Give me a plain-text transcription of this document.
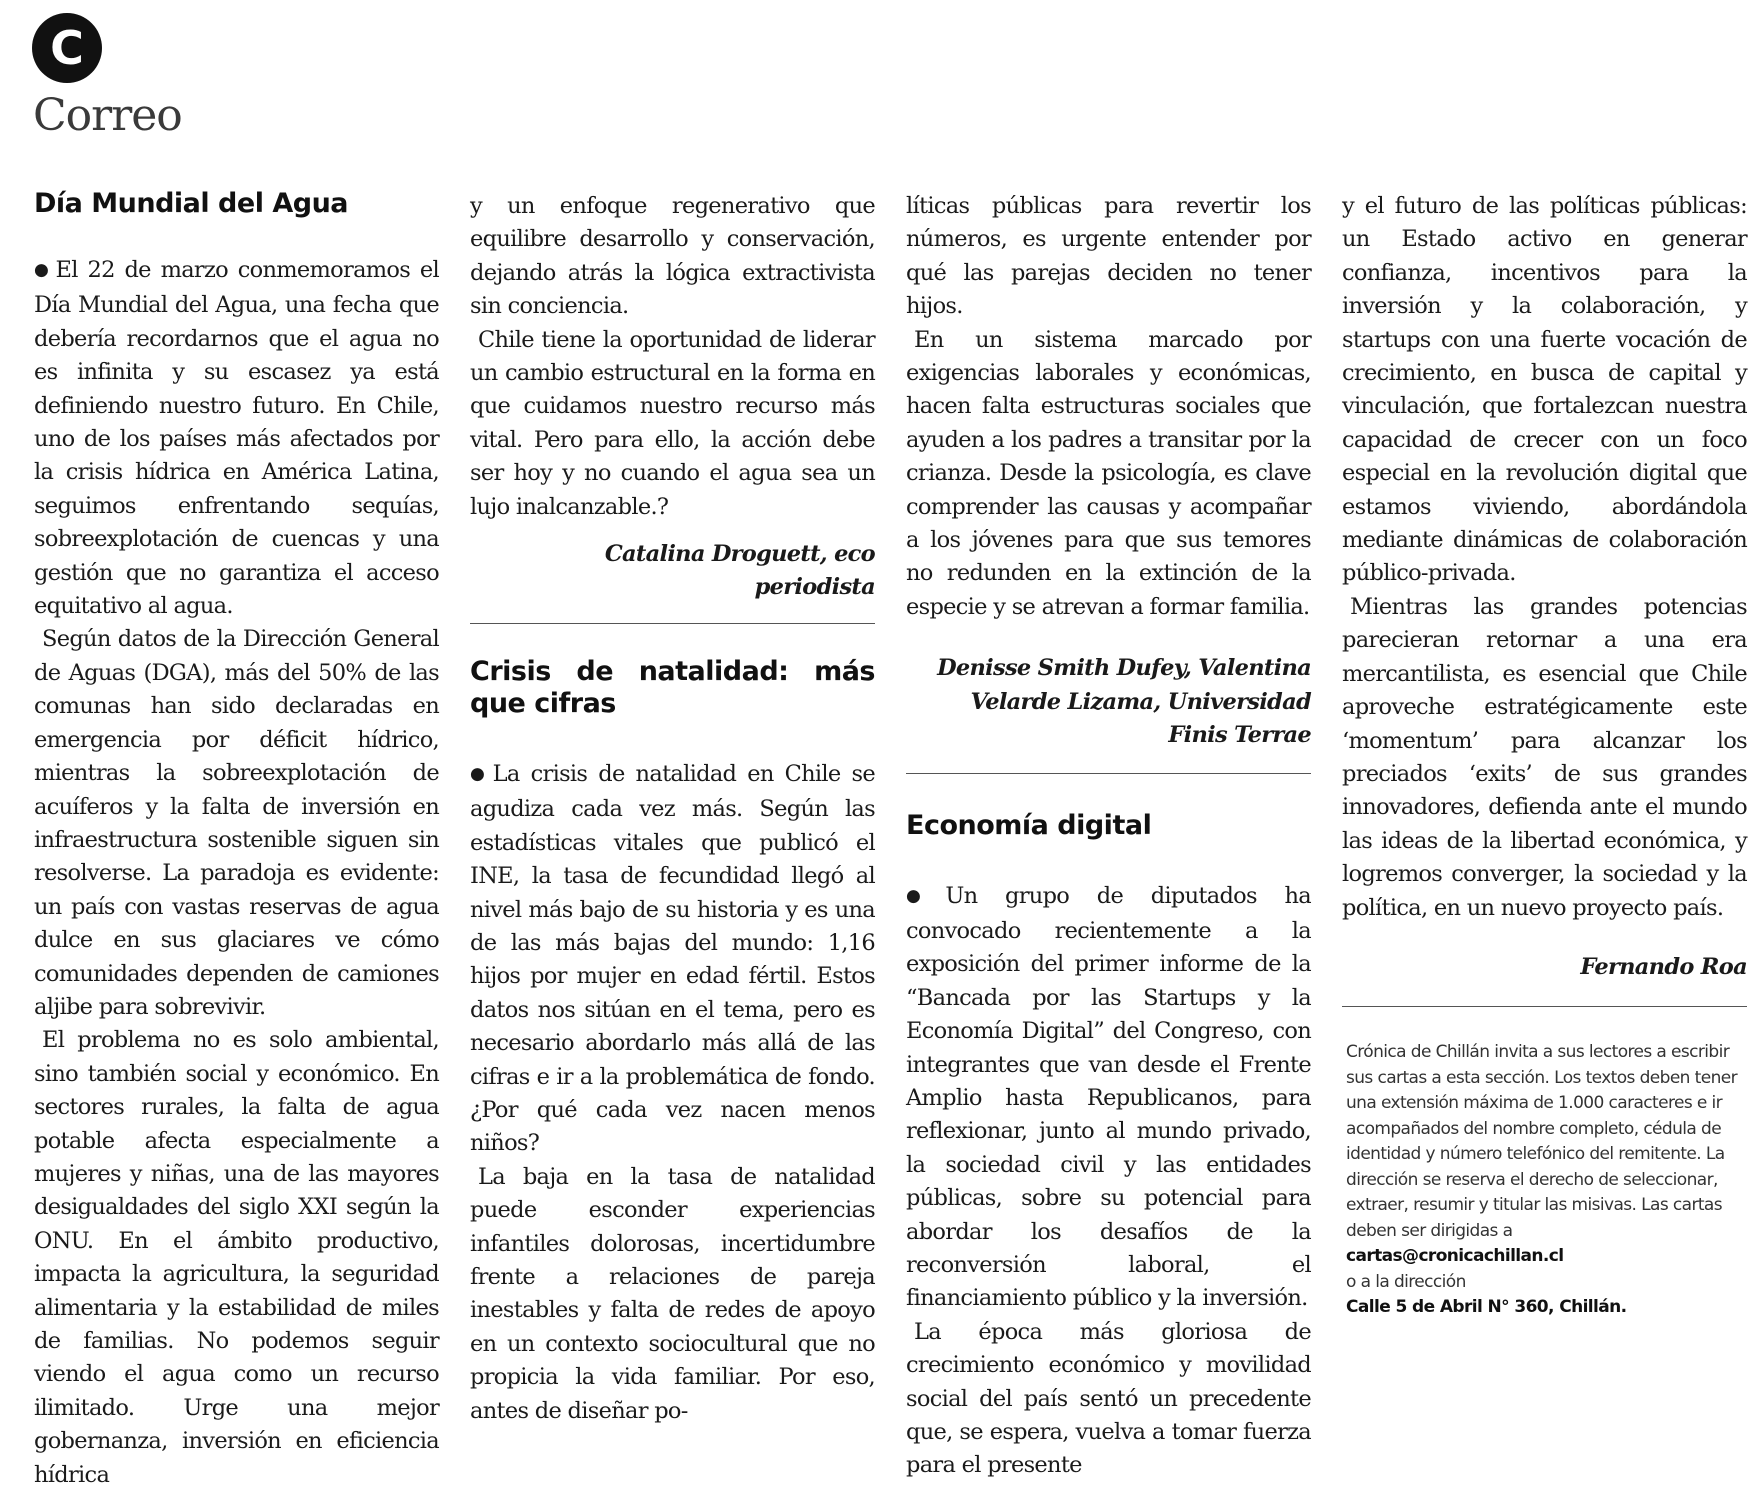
C
Correo
Día Mundial del Agua

● El 22 de marzo conmemoramos el Día Mundial del Agua, una fecha que debería recordarnos que el agua no es infinita y su escasez ya está definiendo nuestro futuro. En Chile, uno de los países más afectados por la crisis hídrica en América Latina, seguimos enfrentando sequías, sobreexplotación de cuencas y una gestión que no garantiza el acceso equitativo al agua.

Según datos de la Dirección General de Aguas (DGA), más del 50% de las comunas han sido declaradas en emergencia por déficit hídrico, mientras la sobreexplotación de acuíferos y la falta de inversión en infraestructura sostenible siguen sin resolverse. La paradoja es evidente: un país con vastas reservas de agua dulce en sus glaciares ve cómo comunidades dependen de camiones aljibe para sobrevivir.

El problema no es solo ambiental, sino también social y económico. En sectores rurales, la falta de agua potable afecta especialmente a mujeres y niñas, una de las mayores desigualdades del siglo XXI según la ONU. En el ámbito productivo, impacta la agricultura, la seguridad alimentaria y la estabilidad de miles de familias. No podemos seguir viendo el agua como un recurso ilimitado. Urge una mejor gobernanza, inversión en eficiencia hídrica

y un enfoque regenerativo que equilibre desarrollo y conservación, dejando atrás la lógica extractivista sin conciencia.

Chile tiene la oportunidad de liderar un cambio estructural en la forma en que cuidamos nuestro recurso más vital. Pero para ello, la acción debe ser hoy y no cuando el agua sea un lujo inalcanzable.?

Catalina Droguett, eco periodista

Crisis de natalidad: más que cifras

● La crisis de natalidad en Chile se agudiza cada vez más. Según las estadísticas vitales que publicó el INE, la tasa de fecundidad llegó al nivel más bajo de su historia y es una de las más bajas del mundo: 1,16 hijos por mujer en edad fértil. Estos datos nos sitúan en el tema, pero es necesario abordarlo más allá de las cifras e ir a la problemática de fondo. ¿Por qué cada vez nacen menos niños?

La baja en la tasa de natalidad puede esconder experiencias infantiles dolorosas, incertidumbre frente a relaciones de pareja inestables y falta de redes de apoyo en un contexto sociocultural que no propicia la vida familiar. Por eso, antes de diseñar po-

líticas públicas para revertir los números, es urgente entender por qué las parejas deciden no tener hijos.

En un sistema marcado por exigencias laborales y económicas, hacen falta estructuras sociales que ayuden a los padres a transitar por la crianza. Desde la psicología, es clave comprender las causas y acompañar a los jóvenes para que sus temores no redunden en la extinción de la especie y se atrevan a formar familia.

Denisse Smith Dufey, Valentina Velarde Lizama, Universidad Finis Terrae

Economía digital

● Un grupo de diputados ha convocado recientemente a la exposición del primer informe de la “Bancada por las Startups y la Economía Digital” del Congreso, con integrantes que van desde el Frente Amplio hasta Republicanos, para reflexionar, junto al mundo privado, la sociedad civil y las entidades públicas, sobre su potencial para abordar los desafíos de la reconversión laboral, el financiamiento público y la inversión.

La época más gloriosa de crecimiento económico y movilidad social del país sentó un precedente que, se espera, vuelva a tomar fuerza para el presente

y el futuro de las políticas públicas: un Estado activo en generar confianza, incentivos para la inversión y la colaboración, y startups con una fuerte vocación de crecimiento, en busca de capital y vinculación, que fortalezcan nuestra capacidad de crecer con un foco especial en la revolución digital que estamos viviendo, abordándola mediante dinámicas de colaboración público-privada.

Mientras las grandes potencias parecieran retornar a una era mercantilista, es esencial que Chile aproveche estratégicamente este ‘momentum’ para alcanzar los preciados ‘exits’ de sus grandes innovadores, defienda ante el mundo las ideas de la libertad económica, y logremos converger, la sociedad y la política, en un nuevo proyecto país.

Fernando Roa

Crónica de Chillán invita a sus lectores a escribir sus cartas a esta sección. Los textos deben tener una extensión máxima de 1.000 caracteres e ir acompañados del nombre completo, cédula de identidad y número telefónico del remitente. La dirección se reserva el derecho de seleccionar, extraer, resumir y titular las misivas. Las cartas deben ser dirigidas a

cartas@cronicachillan.cl

o a la dirección

Calle 5 de Abril N° 360, Chillán.
